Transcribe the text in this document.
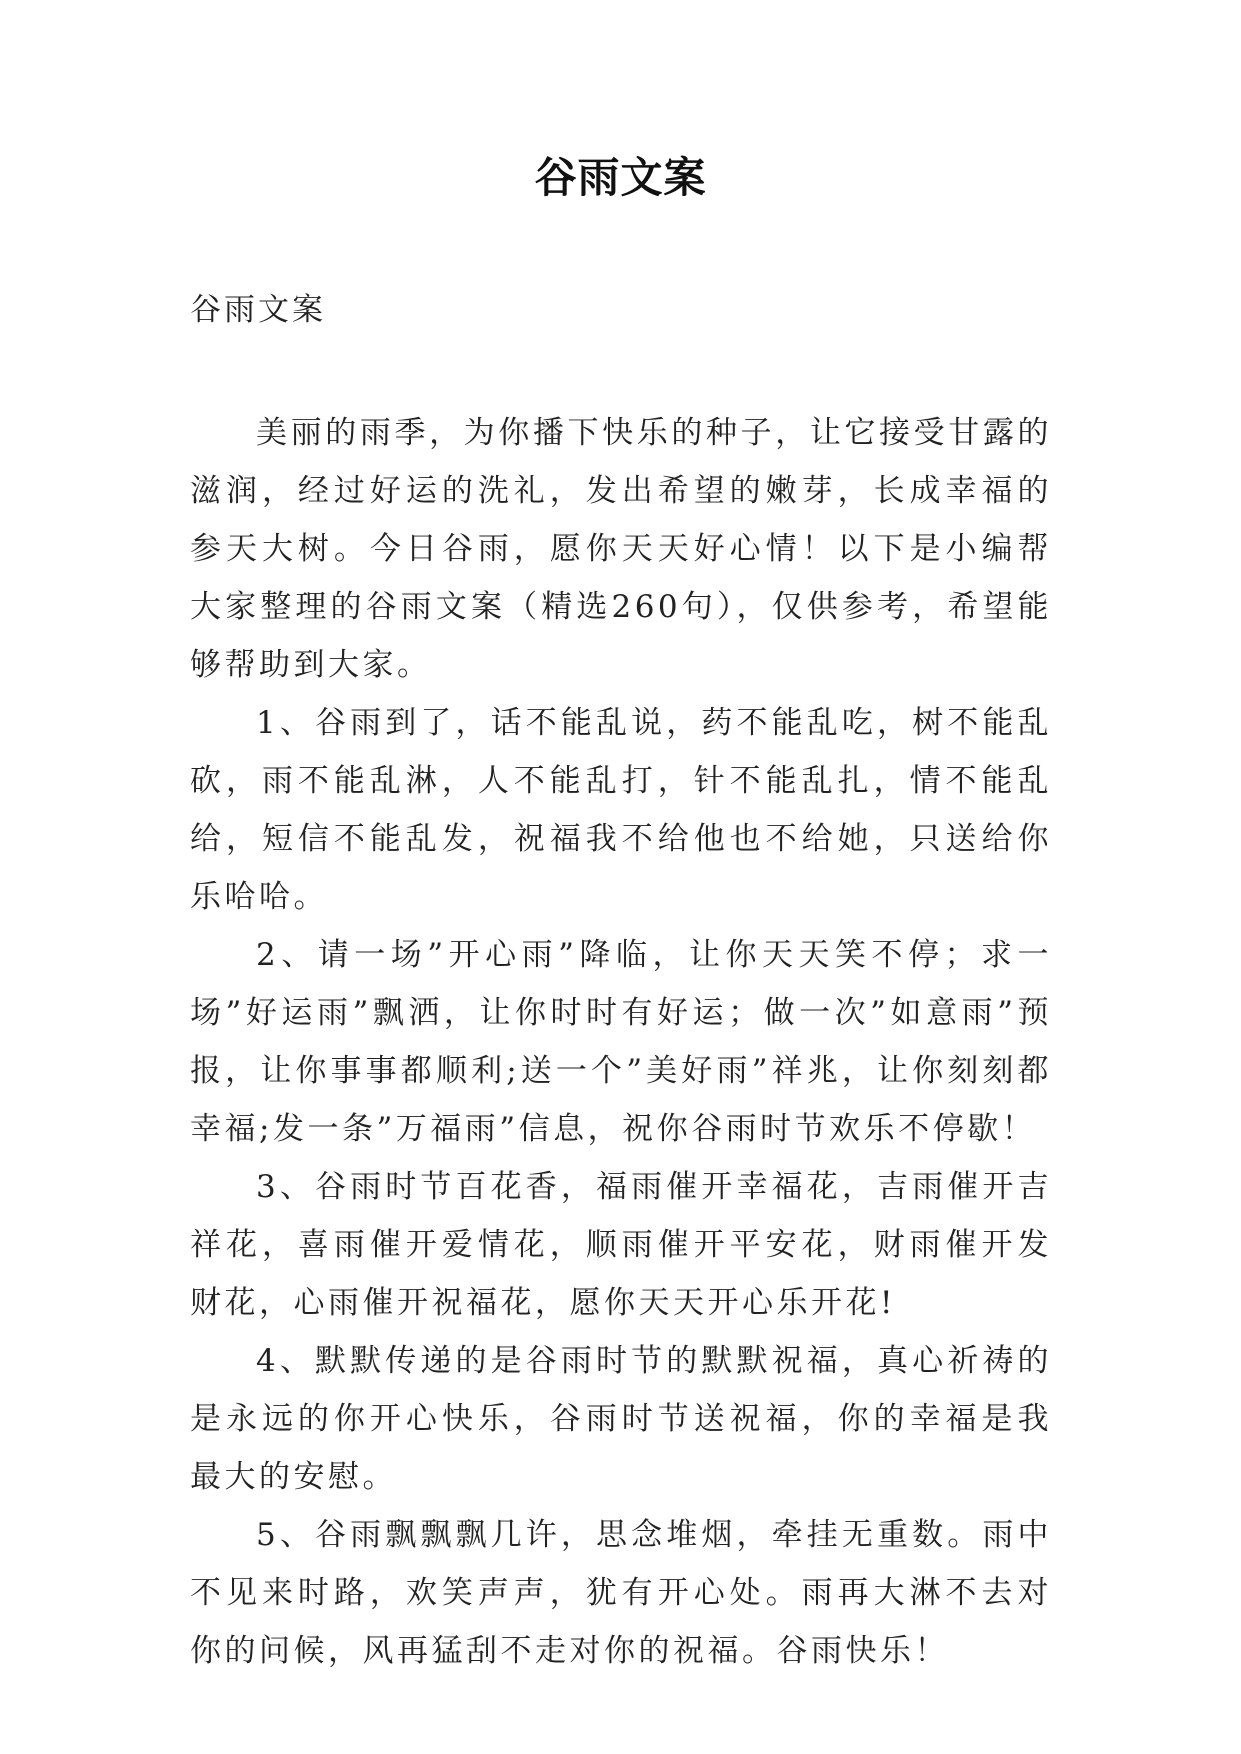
谷雨文案
谷雨文案

美丽的雨季，为你播下快乐的种子，让它接受甘露的滋润，经过好运的洗礼，发出希望的嫩芽，长成幸福的参天大树。今日谷雨，愿你天天好心情！以下是小编帮大家整理的谷雨文案（精选260句），仅供参考，希望能够帮助到大家。

1、谷雨到了，话不能乱说，药不能乱吃，树不能乱砍，雨不能乱淋，人不能乱打，针不能乱扎，情不能乱给，短信不能乱发，祝福我不给他也不给她，只送给你乐哈哈。

2、请一场”开心雨”降临，让你天天笑不停；求一场”好运雨”飘洒，让你时时有好运；做一次”如意雨”预报，让你事事都顺利;送一个”美好雨”祥兆，让你刻刻都幸福;发一条”万福雨”信息，祝你谷雨时节欢乐不停歇！

3、谷雨时节百花香，福雨催开幸福花，吉雨催开吉祥花，喜雨催开爱情花，顺雨催开平安花，财雨催开发财花，心雨催开祝福花，愿你天天开心乐开花!

4、默默传递的是谷雨时节的默默祝福，真心祈祷的是永远的你开心快乐，谷雨时节送祝福，你的幸福是我最大的安慰。

5、谷雨飘飘飘几许，思念堆烟，牵挂无重数。雨中不见来时路，欢笑声声，犹有开心处。雨再大淋不去对你的问候，风再猛刮不走对你的祝福。谷雨快乐！
